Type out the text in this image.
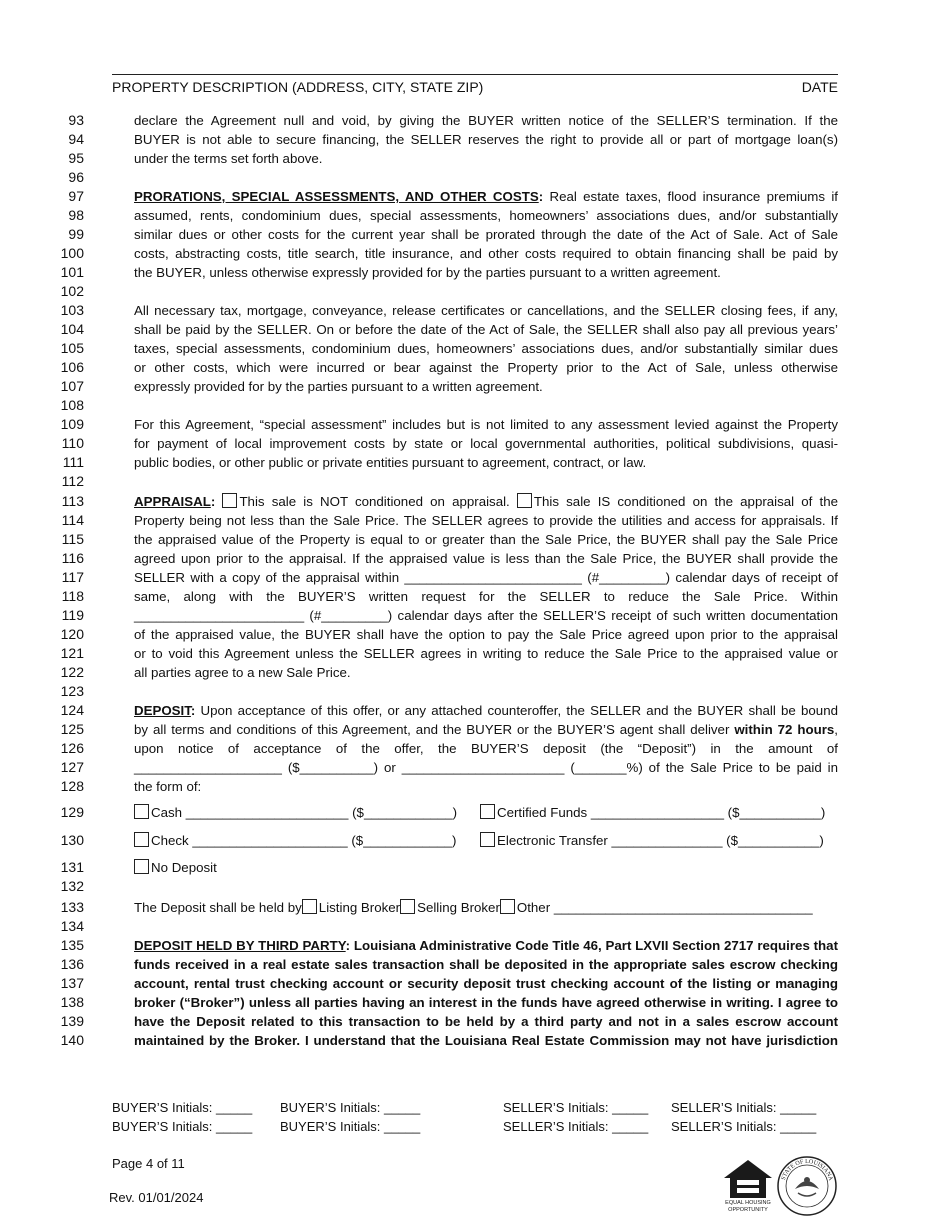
PROPERTY DESCRIPTION (ADDRESS, CITY, STATE ZIP)	DATE
93
94
95
96
97
98
99
100
101
102
103
104
105
106
107
108
109
110
111
112
113
114
115
116
117
118
119
120
121
122
123
124
125
126
127
128
129
130
131
132
133
134
135
136
137
138
139
140
declare the Agreement null and void, by giving the BUYER written notice of the SELLER’S termination. If the
BUYER is not able to secure financing, the SELLER reserves the right to provide all or part of mortgage loan(s)
under the terms set forth above.
PRORATIONS, SPECIAL ASSESSMENTS, AND OTHER COSTS: Real estate taxes, flood insurance premiums if
assumed, rents, condominium dues, special assessments, homeowners’ associations dues, and/or substantially
similar dues or other costs for the current year shall be prorated through the date of the Act of Sale. Act of Sale
costs, abstracting costs, title search, title insurance, and other costs required to obtain financing shall be paid by
the BUYER, unless otherwise expressly provided for by the parties pursuant to a written agreement.
All necessary tax, mortgage, conveyance, release certificates or cancellations, and the SELLER closing fees, if any,
shall be paid by the SELLER. On or before the date of the Act of Sale, the SELLER shall also pay all previous years’
taxes, special assessments, condominium dues, homeowners’ associations dues, and/or substantially similar dues
or other costs, which were incurred or bear against the Property prior to the Act of Sale, unless otherwise
expressly provided for by the parties pursuant to a written agreement.
For this Agreement, “special assessment” includes but is not limited to any assessment levied against the Property
for payment of local improvement costs by state or local governmental authorities, political subdivisions, quasi-
public bodies, or other public or private entities pursuant to agreement, contract, or law.
APPRAISAL: This sale is NOT conditioned on appraisal. This sale IS conditioned on the appraisal of the
Property being not less than the Sale Price. The SELLER agrees to provide the utilities and access for appraisals. If
the appraised value of the Property is equal to or greater than the Sale Price, the BUYER shall pay the Sale Price
agreed upon prior to the appraisal. If the appraised value is less than the Sale Price, the BUYER shall provide the
SELLER with a copy of the appraisal within ________________________ (#_________) calendar days of receipt of
same, along with the BUYER’S written request for the SELLER to reduce the Sale Price. Within
_______________________ (#_________) calendar days after the SELLER’S receipt of such written documentation
of the appraised value, the BUYER shall have the option to pay the Sale Price agreed upon prior to the appraisal
or to void this Agreement unless the SELLER agrees in writing to reduce the Sale Price to the appraised value or
all parties agree to a new Sale Price.
DEPOSIT: Upon acceptance of this offer, or any attached counteroffer, the SELLER and the BUYER shall be bound
by all terms and conditions of this Agreement, and the BUYER or the BUYER’S agent shall deliver within 72 hours,
upon notice of acceptance of the offer, the BUYER’S deposit (the “Deposit”) in the amount of
____________________ ($__________) or ______________________ (_______%) of the Sale Price to be paid in
the form of:
Cash ______________________ ($____________)	Certified Funds __________________ ($___________)
Check _____________________ ($____________)	Electronic Transfer _______________ ($___________)
No Deposit
The Deposit shall be held by Listing Broker Selling Broker Other ___________________________________
DEPOSIT HELD BY THIRD PARTY: Louisiana Administrative Code Title 46, Part LXVII Section 2717 requires that
funds received in a real estate sales transaction shall be deposited in the appropriate sales escrow checking
account, rental trust checking account or security deposit trust checking account of the listing or managing
broker (“Broker”) unless all parties having an interest in the funds have agreed otherwise in writing. I agree to
have the Deposit related to this transaction to be held by a third party and not in a sales escrow account
maintained by the Broker. I understand that the Louisiana Real Estate Commission may not have jurisdiction
BUYER’S Initials: _____ BUYER’S Initials: _____	SELLER’S Initials: _____ SELLER’S Initials: _____
BUYER’S Initials: _____ BUYER’S Initials: _____	SELLER’S Initials: _____ SELLER’S Initials: _____
Page 4 of 11
Rev. 01/01/2024	EQUAL HOUSING
OPPORTUNITY
STATE OF LOUISIANA
